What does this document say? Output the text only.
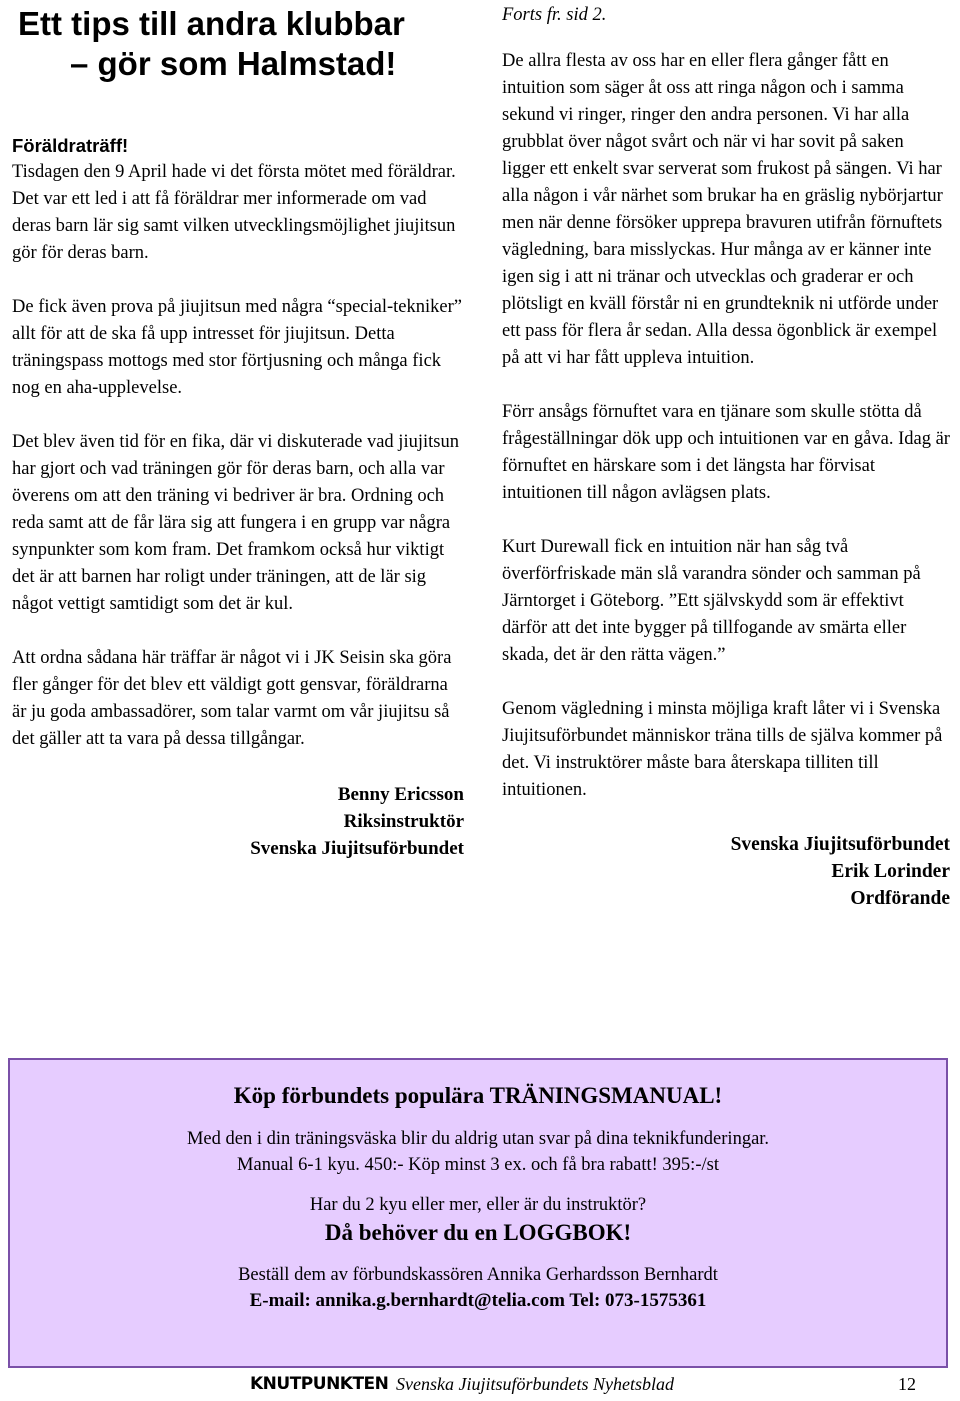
Ett tips till andra klubbar
– gör som Halmstad!
Föräldraträff!

Tisdagen den 9 April hade vi det första mötet med föräldrar. Det var ett led i att få föräldrar mer informerade om vad deras barn lär sig samt vilken utvecklingsmöjlighet jiujitsun gör för deras barn.

De fick även prova på jiujitsun med några “special-tekniker” allt för att de ska få upp intresset för jiujitsun. Detta träningspass mottogs med stor förtjusning och många fick nog en aha-upplevelse.

Det blev även tid för en fika, där vi diskuterade vad jiujitsun har gjort och vad träningen gör för deras barn, och alla var överens om att den träning vi bedriver är bra. Ordning och reda samt att de får lära sig att fungera i en grupp var några synpunkter som kom fram. Det framkom också hur viktigt det är att barnen har roligt under träningen, att de lär sig något vettigt samtidigt som det är kul.

Att ordna sådana här träffar är något vi i JK Seisin ska göra fler gånger för det blev ett väldigt gott gensvar, föräldrarna är ju goda ambassadörer, som talar varmt om vår jiujitsu så det gäller att ta vara på dessa tillgångar.

Benny Ericsson
Riksinstruktör
Svenska Jiujitsuförbundet
Forts fr. sid 2.

De allra flesta av oss har en eller flera gånger fått en intuition som säger åt oss att ringa någon och i samma sekund vi ringer, ringer den andra personen. Vi har alla grubblat över något svårt och när vi har sovit på saken ligger ett enkelt svar serverat som frukost på sängen. Vi har alla någon i vår närhet som brukar ha en gräslig nybörjartur men när denne försöker upprepa bravuren utifrån förnuftets vägledning, bara misslyckas. Hur många av er känner inte igen sig i att ni tränar och utvecklas och graderar er och plötsligt en kväll förstår ni en grundteknik ni utförde under ett pass för flera år sedan. Alla dessa ögonblick är exempel på att vi har fått uppleva intuition.

Förr ansågs förnuftet vara en tjänare som skulle stötta då frågeställningar dök upp och intuitionen var en gåva. Idag är förnuftet en härskare som i det längsta har förvisat intuitionen till någon avlägsen plats.

Kurt Durewall fick en intuition när han såg två överförfriskade män slå varandra sönder och samman på Järntorget i Göteborg. ”Ett självskydd som är effektivt därför att det inte bygger på tillfogande av smärta eller skada, det är den rätta vägen.”

Genom vägledning i minsta möjliga kraft låter vi i Svenska Jiujitsuförbundet människor träna tills de själva kommer på det. Vi instruktörer måste bara återskapa tilliten till intuitionen.

Svenska Jiujitsuförbundet
Erik Lorinder
Ordförande
Köp förbundets populära TRÄNINGSMANUAL!
Med den i din träningsväska blir du aldrig utan svar på dina teknikfunderingar.
Manual 6-1 kyu. 450:- Köp minst 3 ex. och få bra rabatt! 395:-/st
Har du 2 kyu eller mer, eller är du instruktör?
Då behöver du en LOGGBOK!
Beställ dem av förbundskassören Annika Gerhardsson Bernhardt
E-mail: annika.g.bernhardt@telia.com Tel: 073-1575361
KNUTPUNKTEN Svenska Jiujitsuförbundets Nyhetsblad	12
